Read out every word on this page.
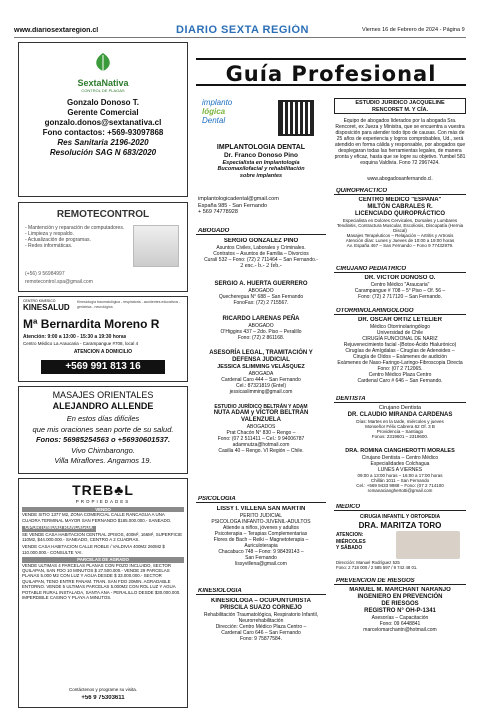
www.diariosextaregion.cl	DIARIO SEXTA REGIÓN	Viernes 16 de Febrero de 2024 - Página 9
SextaNativa
CONTROL DE PLAGAS
Gonzalo Donoso T.
Gerente Comercial
gonzalo.donos@sextanativa.cl
Fono contactos: +569-93097868
Res Sanitaria 2196-2020
Resolución SAG N 683/2020
REMOTECONTROL
- Mantención y reparación de computadores.
- Limpieza y respaldo.
- Actualización de programas.
- Redes informáticas.
(+56) 9 56984997
remotecontrol.spa@gmail.com
CENTRO KINÉSICO
KINESALUD
Kinesiología traumatológica - respiratoria - accidentes educativos - geriátrica - neurológica
Mª Bernardita Moreno R
Atención: 9:00 a 13:00 - 15:30 a 19:30 horas
Centro Médico La Araucaria - Carampangue #708, local 4
ATENCIÓN A DOMICILIO
+569 991 813 16
MASAJES ORIENTALES
ALEJANDRO ALLENDE
En estos días difíciles
que mis oraciones sean porte de su salud.
Fonos: 56985254563 o +56930601537.
Vivo Chimbarongo.
Villa Miraflores. Angamos 19.
TREB♣L
PROPIEDADES
VENDO
VENDE SITIO 1377 M2, ZONA COMERCIAL CALLE RANCAGUA A UNA CUADRA TERMINAL MAYOR SAN FERNANDO $185.000.000.- SANEADO.
OPORTUNIDAD RANCAGUA
SE VENDE CASA HABITACION CENTRAL 2PISOS, 400M², 166M², SUPERFICIE 110M2, $44.000.000.- SANEADO, CENTRO A 2 CUADRAS.
VENDE CASA HABITACION CALLE ROBLE / VALDIVIA 400M2 260M2 $ 110.000.000.- CONSULTE YA!.
PARCELAS DE AGRADO
VENDE ULTIMAS 4 PARCELAS PLANAS CON POZO INCLUIDO, SECTOR QUILAPAN, SAN FDO 10 MINUTOS $ 27.500.000.- VENDE 29 PARCELAS PLANAS 5.000 M2 CON LUZ Y AGUA DESDE $ 33.000.000.- SECTOR QUILAPAN, TENO ENTRE PANAM. TRAN. SAN FDO 20MIN. AGRADABLE ENTORNO. VENDE 5 ULTIMAS PARCELAS 5.000M2 CON ROL LUZ Y AGUA POTABLE RURAL INSTALADA, SANTA ANA - PERALILLO DESDE $30.000.000. IMPERDIBLE CASINO Y PLAYA A MINUTOS.
Contáctenos y programe su visita.
+56 9 75303611
Guía Profesional
implanto
lógica
Dental
IMPLANTOLOGIA DENTAL
Dr. Franco Donoso Pino
Especialista en Implantología
Bucomaxilofacial y rehabilitación
sobre implantes
implantologicadental@gmail.com
España 985 - San Fernando
+ 569 74778928
ABOGADO
SERGIO GONZÁLEZ PINO
Asuntos Civiles, Laborales y Criminales.
Contratos – Asuntos de Familia – Divorcios
Curalí 532 – Fono: (72) 2 711464 – San Fernando.-
2 enc.- b.- 2 feb.-
SERGIO A. HUERTA GUERRERO
ABOGADO
Quecheregua N° 688 – San Fernando
FonoFax: (72) 2 715567.
RICARDO LARENAS PEÑA
ABOGADO
O'Higgins 437 – 2do. Piso – Peralillo
Fono: (72) 2 861168.
ASESORÍA LEGAL, TRAMITACIÓN Y DEFENSA JUDICIAL
JESSICA SLIMMING VELÁSQUEZ
ABOGADA
Cardenal Caro 444 – San Fernando
Cel.: 87321819 (Entel)
jessicaslimming@gmail.com
ESTUDIO JURÍDICO BELTRÁN Y ADAM
NUTA ADAM y VÍCTOR BELTRÁN VALENZUELA
ABOGADOS
Prat Chacón N° 830 – Rengo –
Fono: (07 2 511411 – Cel.: 9 94006787
adamnutza@hotmail.com
Casilla 40 – Rengo. VI Región – Chile.
PSICOLOGÍA
LISSY I. VILLENA SAN MARTÍN
PERITO JUDICIAL
PSICOLOGA INFANTO-JUVENIL-ADULTOS
Atiende a niños, jóvenes y adultos
Psicoterapia – Terapias Complementarias
Flores de Bach – Reiki – Magnetoterapia –
Auriculoterapia
Chacabuco 748 – Fono: 9 98439143 –
San Fernando
lissyvillena@gmail.com
KINESIOLOGÍA
KINESIOLOGA – OCUPUNTURISTA
PRISCILA SUAZO CORNEJO
Rehabilitación Traumatológica, Respiratorio Infantil,
Neurorrehabilitación
Dirección: Centro Médico Plaza Centro –
Cardenal Caro 646 – San Fernando
Fono: 9 75877584.
ESTUDIO JURIDICO JACQUELINE
RENCORET M. Y CÍA.
Equipo de abogados liderados por la abogada Sra. Rencoret, ex Jueza y Ministra, que se encuentra a vuestra disposición para atender todo tipo de causas. Con más de 25 años de experiencia y logros comprobables, Ud., será atendido en forma cálida y responsable, por abogados que desplegaran todas las herramientas legales, de manera pronta y eficaz, hasta que se logre su objetivo. Yumbel 581 esquina Valdivia. Fono 72 2967424.
www.abogadosanfernando.cl.
QUIROPRÁCTICO
CENTRO MÉDICO "ESPAÑA"
MILTÓN CABRALES R.
LICENCIADO QUIROPRÁCTICO
Especialista en Dolores Cervicales, Dorsales y Lumbares Tendinitis, Contractura Muscular, Escoliosis, Discopatía (Hernia Discal)
Masajes Terapéuticos – Relajación – Artritis y Artrosis
Atención días: Lunes y Jueves de 10:00 a 19:00 horas
Av. España 467 – San Fernando – Fono 9 77432979.
CIRUJANO PEDIÁTRICO
DR. VÍCTOR DONOSO O.
Centro Médico "Araucaria"
Carampangue # 708 – 5° Piso – Of. 56 –
Fono: (72) 2 717120 – San Fernando.
OTORRINOLARINGÓLOGO
DR. ÓSCAR ORTIZ LETELIER
Médico Otorrinolaringólogo
Universidad de Chile
CIRUGÍA FUNCIONAL DE NARIZ
Rejuvenecimiento facial -(Botox-Ácido Hialurónico)
Cirugías de Amígdalas - Cirugías de Adenoides –
Cirugía de Oídos – Exámenes de audición
Exámenes de Naso-Faringo-Laringo-Fibroscopia Directa
Fono: (07 2 712065.
Centro Médico Plaza Centro
Cardenal Caro # 646 – San Fernando.
DENTISTA
Cirujano Dentista
DR. CLAUDIO MIRANDA CARDENAS
Días: Martes en la tarde, miércoles y jueves
Monseñor Félix Cabrera 62 Of. 3 B
Providencia – Santiago
Fonos: 2319601 – 2319600.
DRA. ROMINA CIANGHEROTTI MORALES
Cirujano Dentista – Centro Médico
Especialidades Colchagua
LUNES A VIERNES
09:00 a 13:00 horas – 16:00 a 17:00 horas
Chillán 1011 – San Fernando
Cel.: +569 9433 9988 – Fono: (07 2 714100
romanacianghertotti@gmail.com
MÉDICO
CIRUGIA INFANTIL Y ORTOPEDIA
DRA. MARITZA TORO
ATENCIÓN:
MIÉRCOLES
Y SÁBADO
Dirección: Manuel Rodríguez 525
Fono: 2 718 000 / 2 585 597 / 9 742 48 01.
PREVENCIÓN DE RIESGOS
MANUEL M. MARCHANT NARANJO
INGENIERO EN PREVENCIÓN
DE RIESGOS
REGISTRO N° OH-P-1341
Asesorías – Capacitación
Fono: 09 6448841
marcelomarchantn@hotmail.com
